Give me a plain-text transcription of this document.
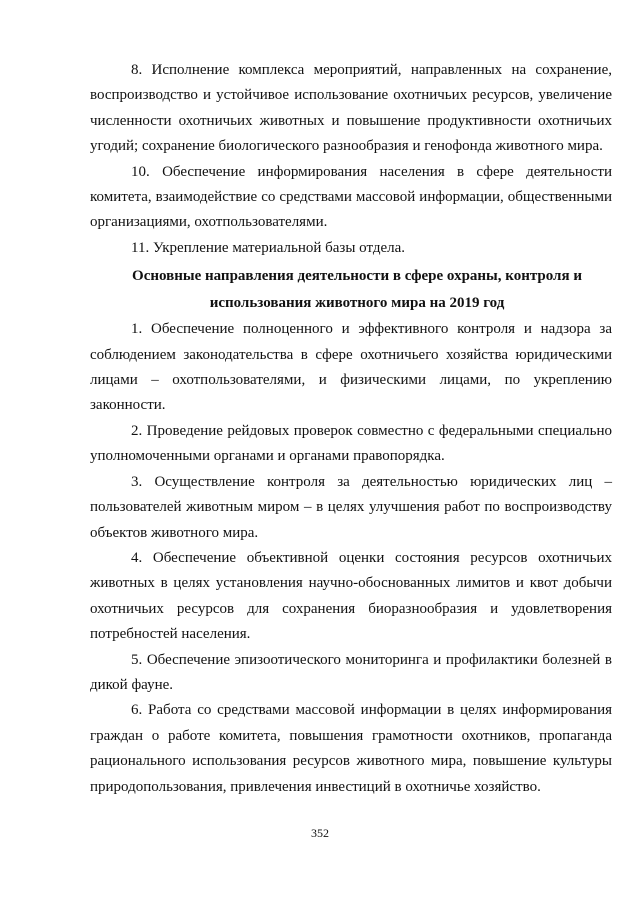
8. Исполнение комплекса мероприятий, направленных на сохранение, воспроизводство и устойчивое использование охотничьих ресурсов, увеличение численности охотничьих животных и повышение продуктивности охотничьих угодий; сохранение биологического разнообразия и генофонда животного мира.

10. Обеспечение информирования населения в сфере деятельности комитета, взаимодействие со средствами массовой информации, общественными организациями, охотпользователями.

11. Укрепление материальной базы отдела.

Основные направления деятельности в сфере охраны, контроля и
использования животного мира на 2019 год

1. Обеспечение полноценного и эффективного контроля и надзора за соблюдением законодательства в сфере охотничьего хозяйства юридическими лицами – охотпользователями, и физическими лицами, по укреплению законности.

2. Проведение рейдовых проверок совместно с федеральными специально уполномоченными органами и органами правопорядка.

3. Осуществление контроля за деятельностью юридических лиц – пользователей животным миром – в целях улучшения работ по воспроизводству объектов животного мира.

4. Обеспечение объективной оценки состояния ресурсов охотничьих животных в целях установления научно-обоснованных лимитов и квот добычи охотничьих ресурсов для сохранения биоразнообразия и удовлетворения потребностей населения.

5. Обеспечение эпизоотического мониторинга и профилактики болезней в дикой фауне.

6. Работа со средствами массовой информации в целях информирования граждан о работе комитета, повышения грамотности охотников, пропаганда рационального использования ресурсов животного мира, повышение культуры природопользования, привлечения инвестиций в охотничье хозяйство.

352
